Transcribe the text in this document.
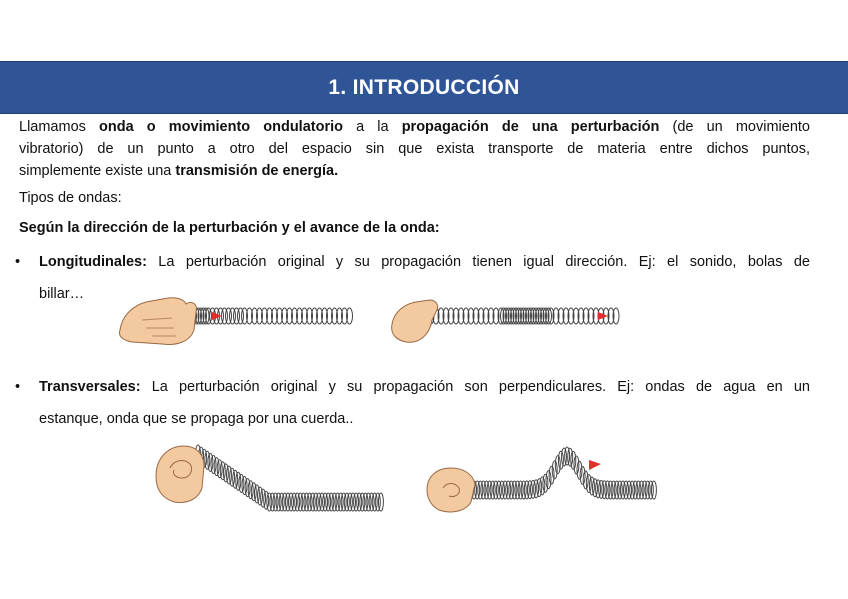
1. INTRODUCCIÓN
Llamamos onda o movimiento ondulatorio a la propagación de una perturbación (de un movimiento
vibratorio) de un punto a otro del espacio sin que exista transporte de materia entre dichos puntos,
simplemente existe una transmisión de energía.
Tipos de ondas:
Según la dirección de la perturbación y el avance de la onda:
• Longitudinales: La perturbación original y su propagación tienen igual dirección. Ej: el sonido, bolas de
billar…
• Transversales: La perturbación original y su propagación son perpendiculares. Ej: ondas de agua en un
estanque, onda que se propaga por una cuerda..
